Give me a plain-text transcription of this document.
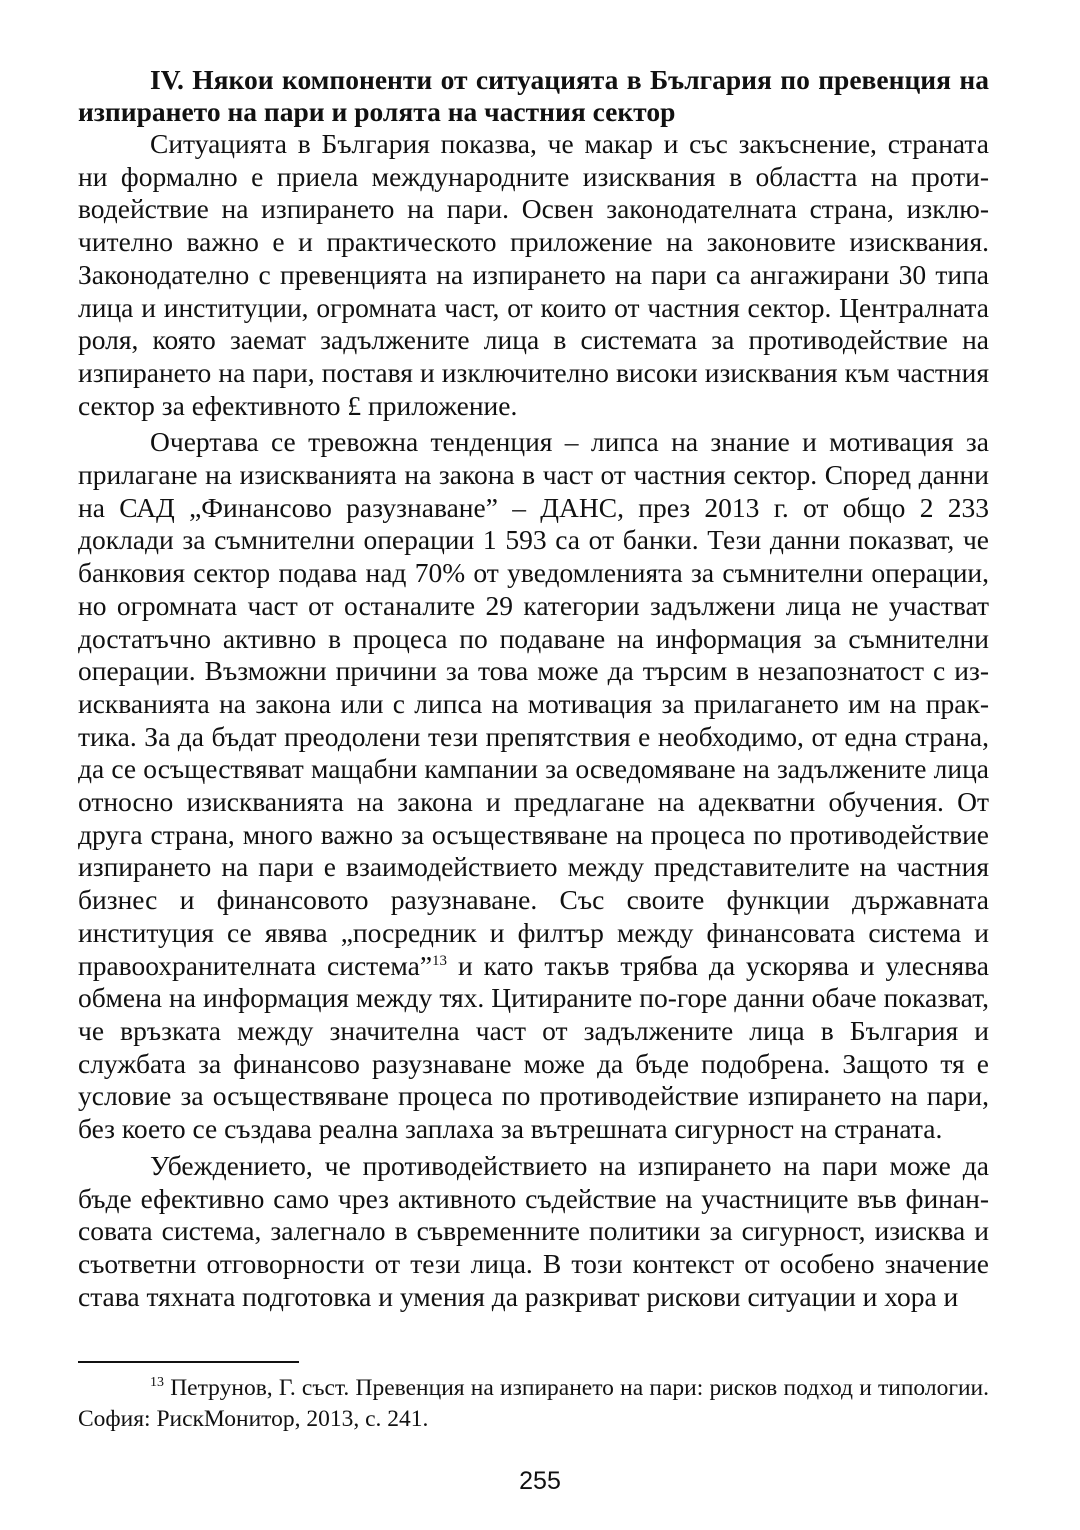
IV. Някои компоненти от ситуацията в България по превенция на изпирането на пари и ролята на частния сектор

Ситуацията в България показва, че макар и със закъснение, страната ни формално е приела международните изисквания в областта на противодействие на изпирането на пари. Освен законодателната страна, изключително важно е и практическото приложение на законовите изисквания. Законодателно с превенцията на изпирането на пари са ангажирани 30 типа лица и институции, огромната част, от които от частния сектор. Централната роля, която заемат задължените лица в системата за противодействие на изпирането на пари, поставя и изключително високи изисквания към частния сектор за ефективното £ приложение.

Очертава се тревожна тенденция – липса на знание и мотивация за прилагане на изискванията на закона в част от частния сектор. Според данни на САД „Финансово разузнаване” – ДАНС, през 2013 г. от общо 2 233 доклади за съмнителни операции 1 593 са от банки. Тези данни показват, че банковия сектор подава над 70% от уведомленията за съмнителни операции, но огромната част от останалите 29 категории задължени лица не участват достатъчно активно в процеса по подаване на информация за съмнителни операции. Възможни причини за това може да търсим в незапознатост с изискванията на закона или с липса на мотивация за прилагането им на практика. За да бъдат преодолени тези препятствия е необходимо, от една страна, да се осъществяват мащабни кампании за осведомяване на задължените лица относно изискванията на закона и предлагане на адекватни обучения. От друга страна, много важно за осъществяване на процеса по противодействие изпирането на пари е взаимодействието между представителите на частния бизнес и финансовото разузнаване. Със своите функции държавната институция се явява „посредник и филтър между финансовата система и правоохранителната система”$^{13}$ и като такъв трябва да ускорява и улеснява обмена на информация между тях. Цитираните по-горе данни обаче показват, че връзката между значителна част от задължените лица в България и службата за финансово разузнаване може да бъде подобрена. Защото тя е условие за осъществяване процеса по противодействие изпирането на пари, без което се създава реална заплаха за вътрешната сигурност на страната.

Убеждението, че противодействието на изпирането на пари може да бъде ефективно само чрез активното съдействие на участниците във финансовата система, залегнало в съвременните политики за сигурност, изисква и съответни отговорности от тези лица. В този контекст от особено значение става тяхната подготовка и умения да разкриват рискови ситуации и хора и

$^{13}$ Петрунов, Г. съст. Превенция на изпирането на пари: рисков подход и типологии. София: РискМонитор, 2013, с. 241.

255
